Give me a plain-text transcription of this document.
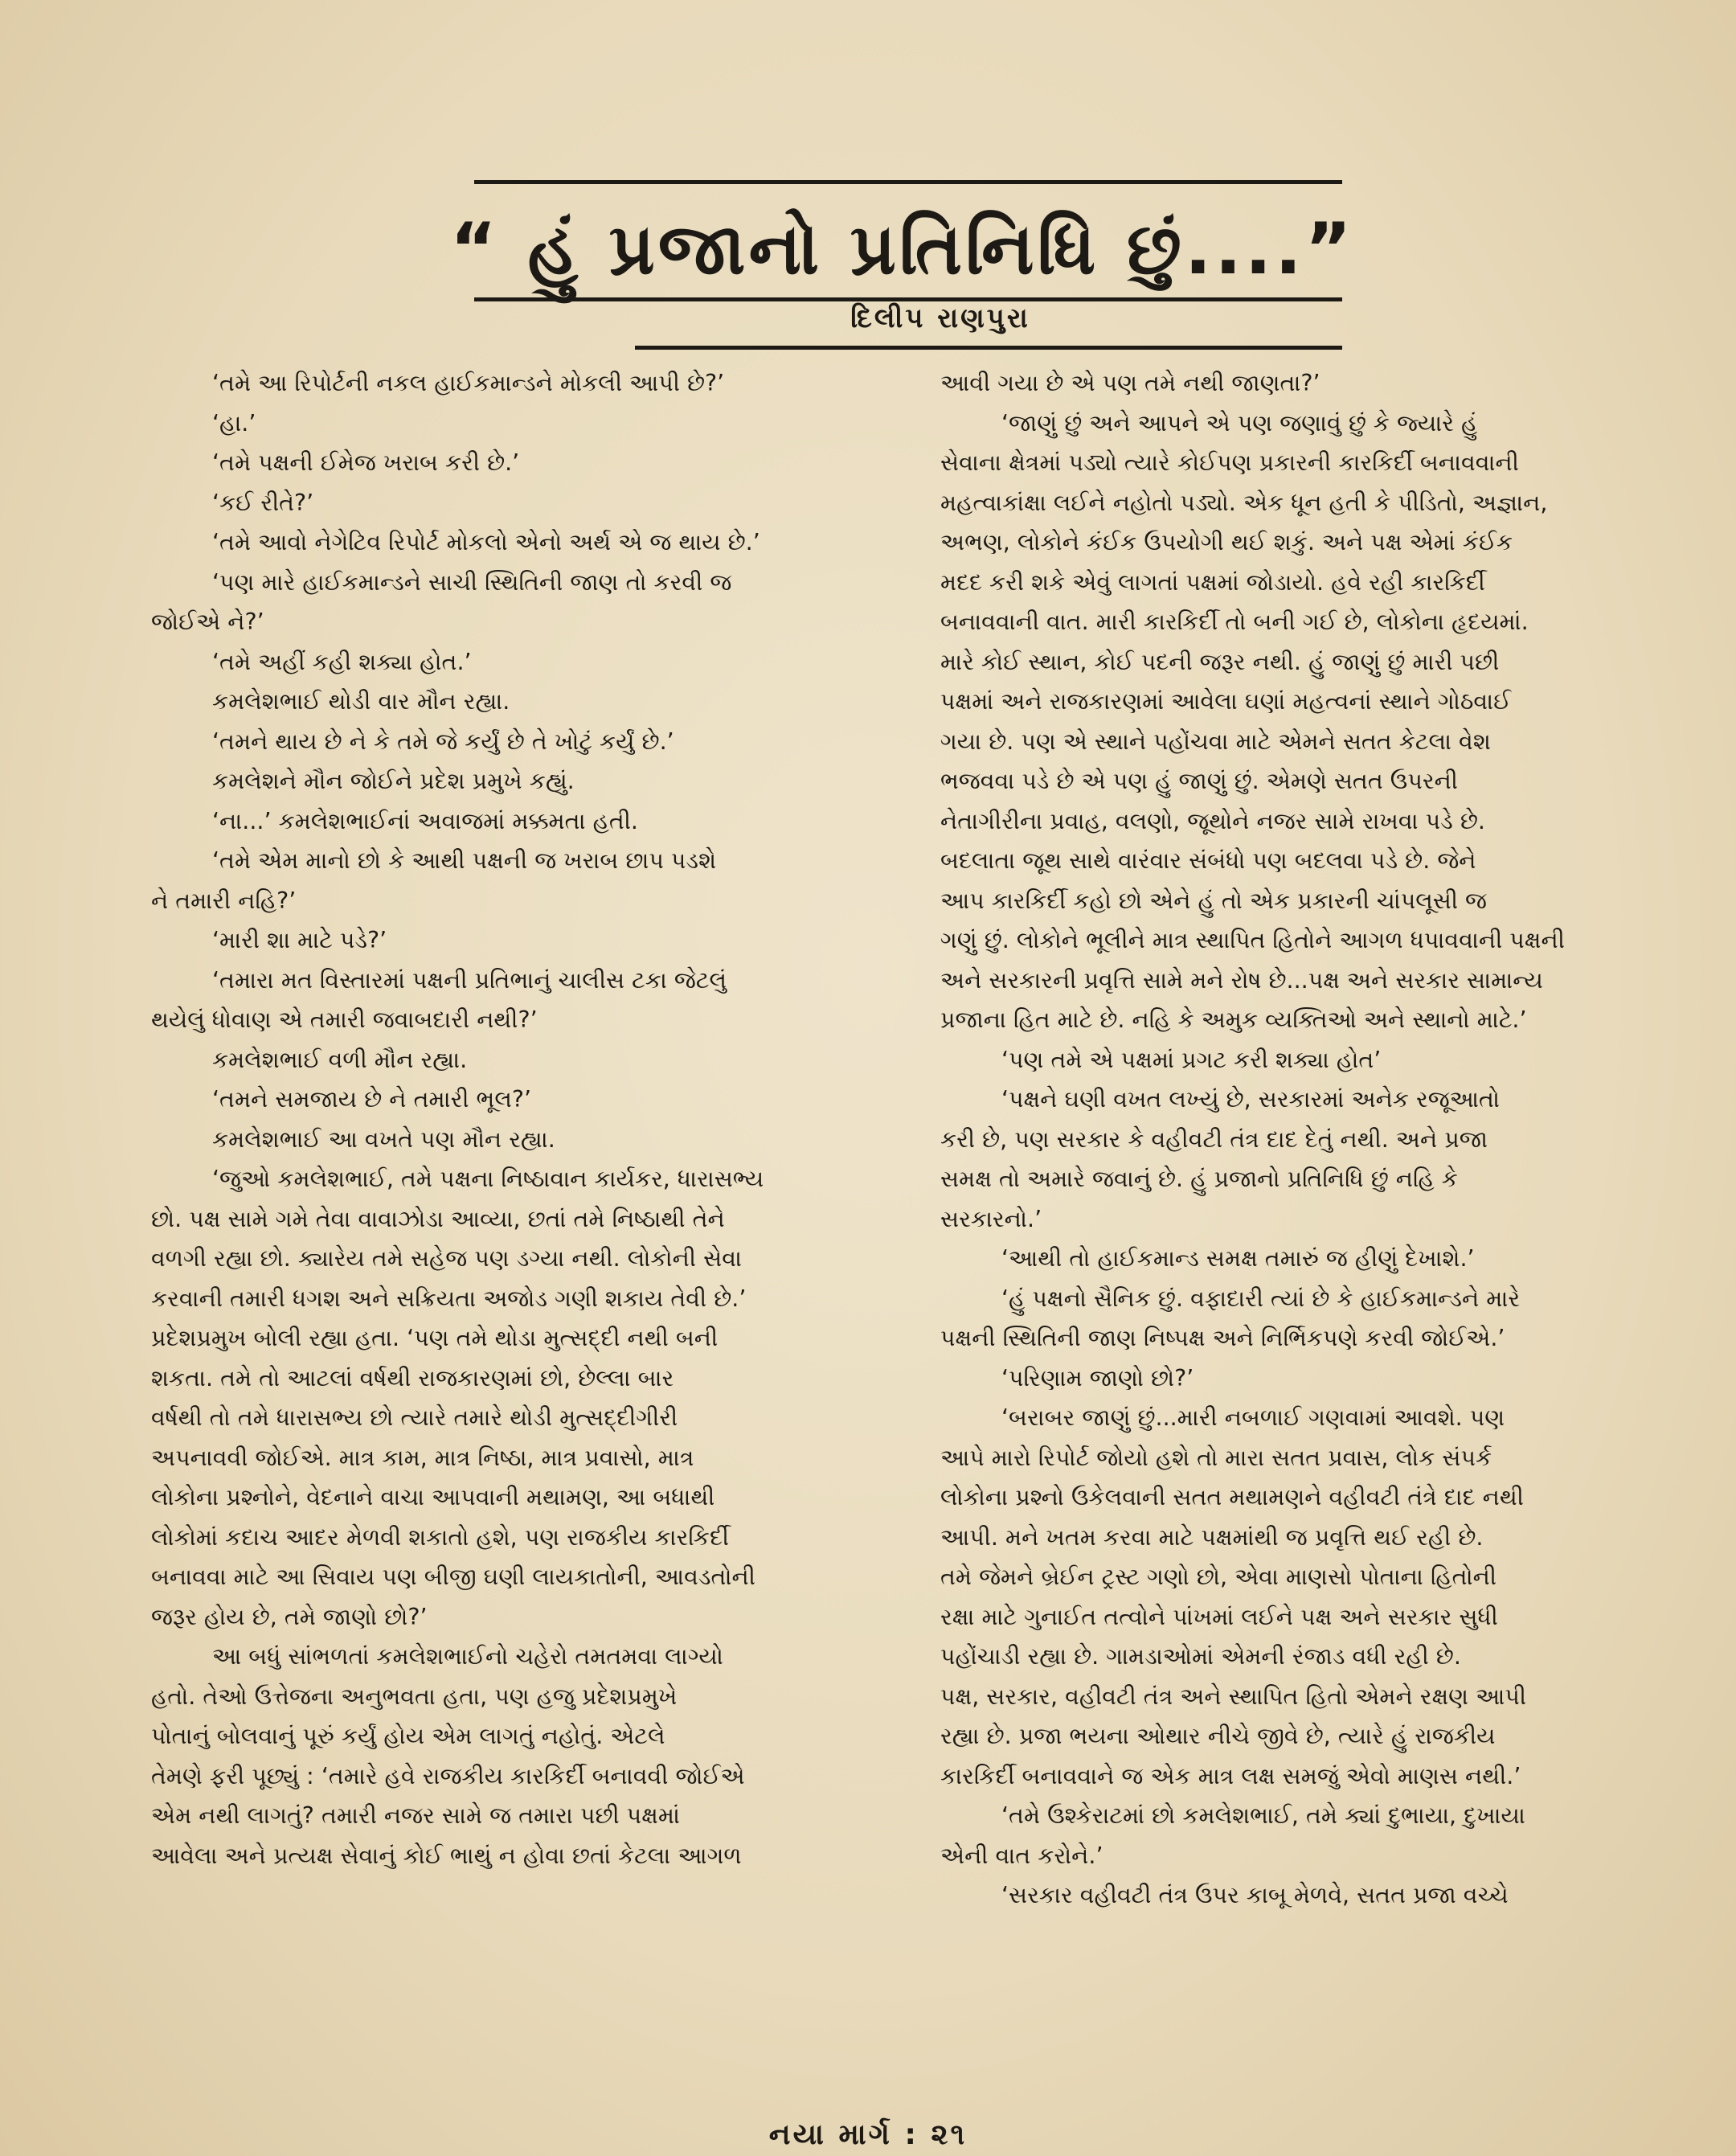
“ હું પ્રજાનો પ્રતિનિધિ છું....”
દિલીપ રાણપુરા

‘તમે આ રિપોર્ટની નકલ હાઈકમાન્ડને મોકલી આપી છે?’

‘હા.’

‘તમે પક્ષની ઈમેજ ખરાબ કરી છે.’

‘કઈ રીતે?’

‘તમે આવો નેગેટિવ રિપોર્ટ મોકલો એનો અર્થ એ જ થાય છે.’

‘પણ મારે હાઈકમાન્ડને સાચી સ્થિતિની જાણ તો કરવી જ

જોઈએ ને?’

‘તમે અહીં કહી શક્યા હોત.’

કમલેશભાઈ થોડી વાર મૌન રહ્યા.

‘તમને થાય છે ને કે તમે જે કર્યું છે તે ખોટું કર્યું છે.’

કમલેશને મૌન જોઈને પ્રદેશ પ્રમુખે કહ્યું.

‘ના...’ કમલેશભાઈનાં અવાજમાં મક્કમતા હતી.

‘તમે એમ માનો છો કે આથી પક્ષની જ ખરાબ છાપ પડશે

ને તમારી નહિ?’

‘મારી શા માટે પડે?’

‘તમારા મત વિસ્તારમાં પક્ષની પ્રતિભાનું ચાલીસ ટકા જેટલું

થયેલું ધોવાણ એ તમારી જવાબદારી નથી?’

કમલેશભાઈ વળી મૌન રહ્યા.

‘તમને સમજાય છે ને તમારી ભૂલ?’

કમલેશભાઈ આ વખતે પણ મૌન રહ્યા.

‘જુઓ કમલેશભાઈ, તમે પક્ષના નિષ્ઠાવાન કાર્યકર, ધારાસભ્ય

છો. પક્ષ સામે ગમે તેવા વાવાઝોડા આવ્યા, છતાં તમે નિષ્ઠાથી તેને

વળગી રહ્યા છો. ક્યારેય તમે સહેજ પણ ડગ્યા નથી. લોકોની સેવા

કરવાની તમારી ધગશ અને સક્રિયતા અજોડ ગણી શકાય તેવી છે.’

પ્રદેશપ્રમુખ બોલી રહ્યા હતા. ‘પણ તમે થોડા મુત્સદ્દી નથી બની

શકતા. તમે તો આટલાં વર્ષથી રાજકારણમાં છો, છેલ્લા બાર

વર્ષથી તો તમે ધારાસભ્ય છો ત્યારે તમારે થોડી મુત્સદ્દીગીરી

અપનાવવી જોઈએ. માત્ર કામ, માત્ર નિષ્ઠા, માત્ર પ્રવાસો, માત્ર

લોકોના પ્રશ્નોને, વેદનાને વાચા આપવાની મથામણ, આ બધાથી

લોકોમાં કદાચ આદર મેળવી શકાતો હશે, પણ રાજકીય કારકિર્દી

બનાવવા માટે આ સિવાય પણ બીજી ઘણી લાયકાતોની, આવડતોની

જરૂર હોય છે, તમે જાણો છો?’

આ બધું સાંભળતાં કમલેશભાઈનો ચહેરો તમતમવા લાગ્યો

હતો. તેઓ ઉત્તેજના અનુભવતા હતા, પણ હજુ પ્રદેશપ્રમુખે

પોતાનું બોલવાનું પૂરું કર્યું હોય એમ લાગતું નહોતું. એટલે

તેમણે ફરી પૂછ્યું : ‘તમારે હવે રાજકીય કારકિર્દી બનાવવી જોઈએ

એમ નથી લાગતું? તમારી નજર સામે જ તમારા પછી પક્ષમાં

આવેલા અને પ્રત્યક્ષ સેવાનું કોઈ ભાથું ન હોવા છતાં કેટલા આગળ

આવી ગયા છે એ પણ તમે નથી જાણતા?’

‘જાણું છું અને આપને એ પણ જણાવું છું કે જ્યારે હું

સેવાના ક્ષેત્રમાં પડ્યો ત્યારે કોઈપણ પ્રકારની કારકિર્દી બનાવવાની

મહત્વાકાંક્ષા લઈને નહોતો પડ્યો. એક ધૂન હતી કે પીડિતો, અજ્ઞાન,

અભણ, લોકોને કંઈક ઉપયોગી થઈ શકું. અને પક્ષ એમાં કંઈક

મદદ કરી શકે એવું લાગતાં પક્ષમાં જોડાયો. હવે રહી કારકિર્દી

બનાવવાની વાત. મારી કારકિર્દી તો બની ગઈ છે, લોકોના હૃદયમાં.

મારે કોઈ સ્થાન, કોઈ પદની જરૂર નથી. હું જાણું છું મારી પછી

પક્ષમાં અને રાજકારણમાં આવેલા ઘણાં મહત્વનાં સ્થાને ગોઠવાઈ

ગયા છે. પણ એ સ્થાને પહોંચવા માટે એમને સતત કેટલા વેશ

ભજવવા પડે છે એ પણ હું જાણું છું. એમણે સતત ઉપરની

નેતાગીરીના પ્રવાહ, વલણો, જૂથોને નજર સામે રાખવા પડે છે.

બદલાતા જૂથ સાથે વારંવાર સંબંધો પણ બદલવા પડે છે. જેને

આપ કારકિર્દી કહો છો એને હું તો એક પ્રકારની ચાંપલૂસી જ

ગણું છું. લોકોને ભૂલીને માત્ર સ્થાપિત હિતોને આગળ ધપાવવાની પક્ષની

અને સરકારની પ્રવૃત્તિ સામે મને રોષ છે...પક્ષ અને સરકાર સામાન્ય

પ્રજાના હિત માટે છે. નહિ કે અમુક વ્યક્તિઓ અને સ્થાનો માટે.’

‘પણ તમે એ પક્ષમાં પ્રગટ કરી શક્યા હોત’

‘પક્ષને ઘણી વખત લખ્યું છે, સરકારમાં અનેક રજૂઆતો

કરી છે, પણ સરકાર કે વહીવટી તંત્ર દાદ દેતું નથી. અને પ્રજા

સમક્ષ તો અમારે જવાનું છે. હું પ્રજાનો પ્રતિનિધિ છું નહિ કે

સરકારનો.’

‘આથી તો હાઈકમાન્ડ સમક્ષ તમારું જ હીણું દેખાશે.’

‘હું પક્ષનો સૈનિક છું. વફાદારી ત્યાં છે કે હાઈકમાન્ડને મારે

પક્ષની સ્થિતિની જાણ નિષ્પક્ષ અને નિર્ભિકપણે કરવી જોઈએ.’

‘પરિણામ જાણો છો?’

‘બરાબર જાણું છું...મારી નબળાઈ ગણવામાં આવશે. પણ

આપે મારો રિપોર્ટ જોયો હશે તો મારા સતત પ્રવાસ, લોક સંપર્ક

લોકોના પ્રશ્નો ઉકેલવાની સતત મથામણને વહીવટી તંત્રે દાદ નથી

આપી. મને ખતમ કરવા માટે પક્ષમાંથી જ પ્રવૃત્તિ થઈ રહી છે.

તમે જેમને બ્રેઈન ટ્રસ્ટ ગણો છો, એવા માણસો પોતાના હિતોની

રક્ષા માટે ગુનાઈત તત્વોને પાંખમાં લઈને પક્ષ અને સરકાર સુધી

પહોંચાડી રહ્યા છે. ગામડાઓમાં એમની રંજાડ વધી રહી છે.

પક્ષ, સરકાર, વહીવટી તંત્ર અને સ્થાપિત હિતો એમને રક્ષણ આપી

રહ્યા છે. પ્રજા ભયના ઓથાર નીચે જીવે છે, ત્યારે હું રાજકીય

કારકિર્દી બનાવવાને જ એક માત્ર લક્ષ સમજું એવો માણસ નથી.’

‘તમે ઉશ્કેરાટમાં છો કમલેશભાઈ, તમે ક્યાં દુભાયા, દુખાયા

એની વાત કરોને.’

‘સરકાર વહીવટી તંત્ર ઉપર કાબૂ મેળવે, સતત પ્રજા વચ્ચે

નયા માર્ગ : ૨૧
